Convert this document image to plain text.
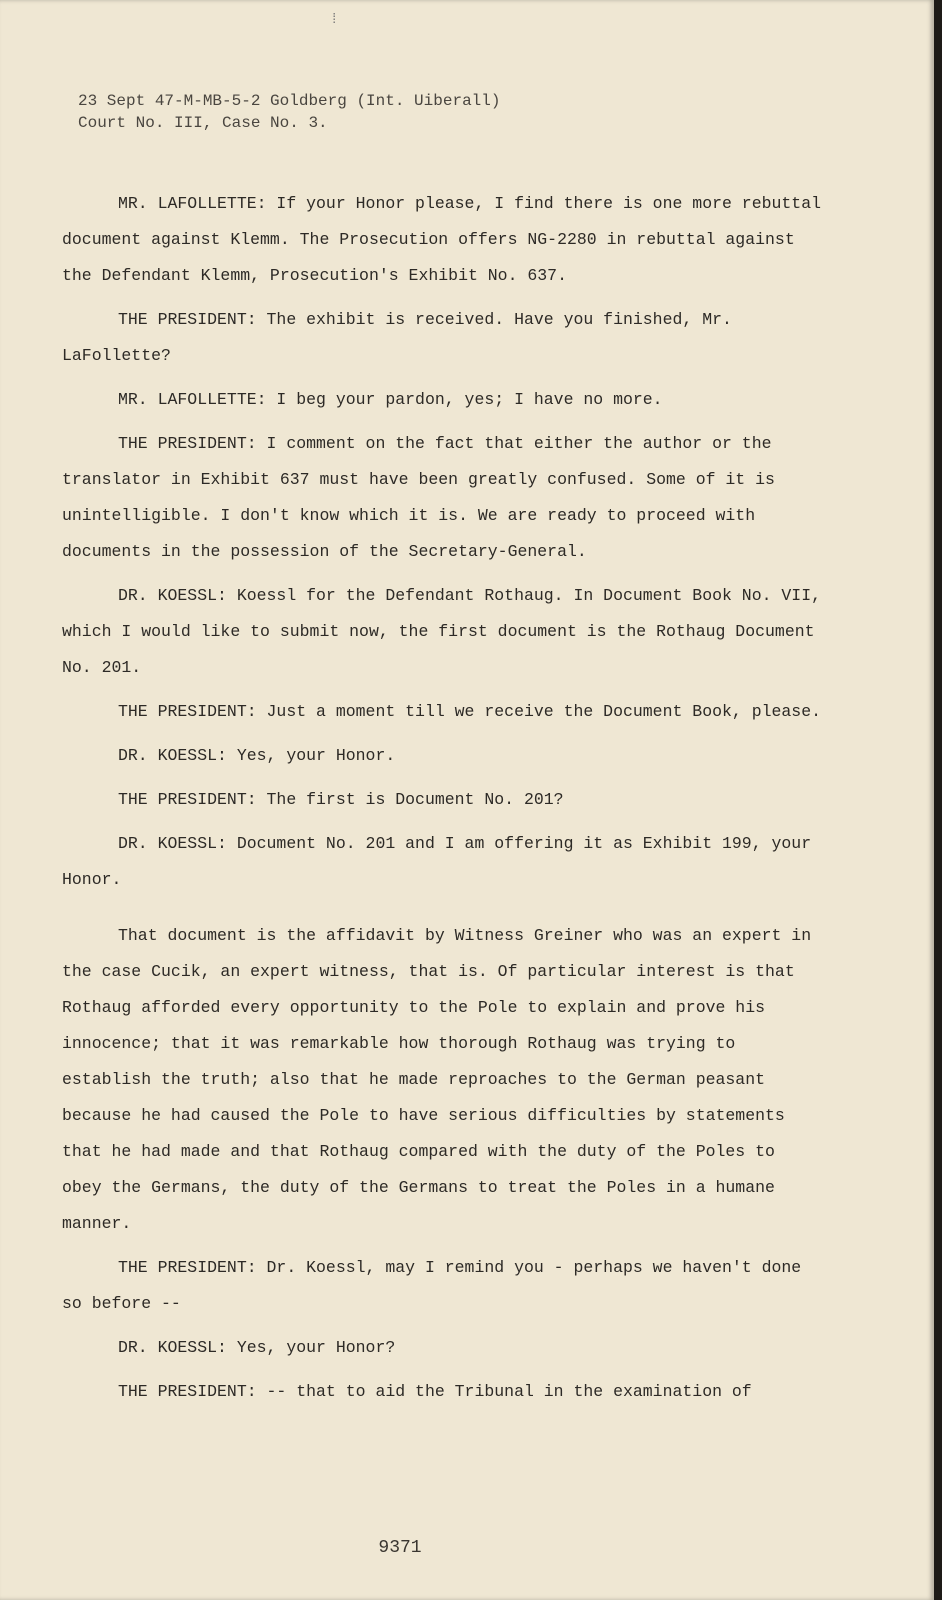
⁞
23 Sept 47-M-MB-5-2 Goldberg (Int. Uiberall)
Court No. III, Case No. 3.

MR. LAFOLLETTE: If your Honor please, I find there is one more rebuttal document against Klemm. The Prosecution offers NG-2280 in rebuttal against the Defendant Klemm, Prosecution's Exhibit No. 637.

THE PRESIDENT: The exhibit is received. Have you finished, Mr. LaFollette?

MR. LAFOLLETTE: I beg your pardon, yes; I have no more.

THE PRESIDENT: I comment on the fact that either the author or the translator in Exhibit 637 must have been greatly confused. Some of it is unintelligible. I don't know which it is. We are ready to proceed with documents in the possession of the Secretary-General.

DR. KOESSL: Koessl for the Defendant Rothaug. In Document Book No. VII, which I would like to submit now, the first document is the Rothaug Document No. 201.

THE PRESIDENT: Just a moment till we receive the Document Book, please.

DR. KOESSL: Yes, your Honor.

THE PRESIDENT: The first is Document No. 201?

DR. KOESSL: Document No. 201 and I am offering it as Exhibit 199, your Honor.

That document is the affidavit by Witness Greiner who was an expert in the case Cucik, an expert witness, that is. Of particular interest is that Rothaug afforded every opportunity to the Pole to explain and prove his innocence; that it was remarkable how thorough Rothaug was trying to establish the truth; also that he made reproaches to the German peasant because he had caused the Pole to have serious difficulties by statements that he had made and that Rothaug compared with the duty of the Poles to obey the Germans, the duty of the Germans to treat the Poles in a humane manner.

THE PRESIDENT: Dr. Koessl, may I remind you - perhaps we haven't done so before --

DR. KOESSL: Yes, your Honor?

THE PRESIDENT: -- that to aid the Tribunal in the examination of

9371
